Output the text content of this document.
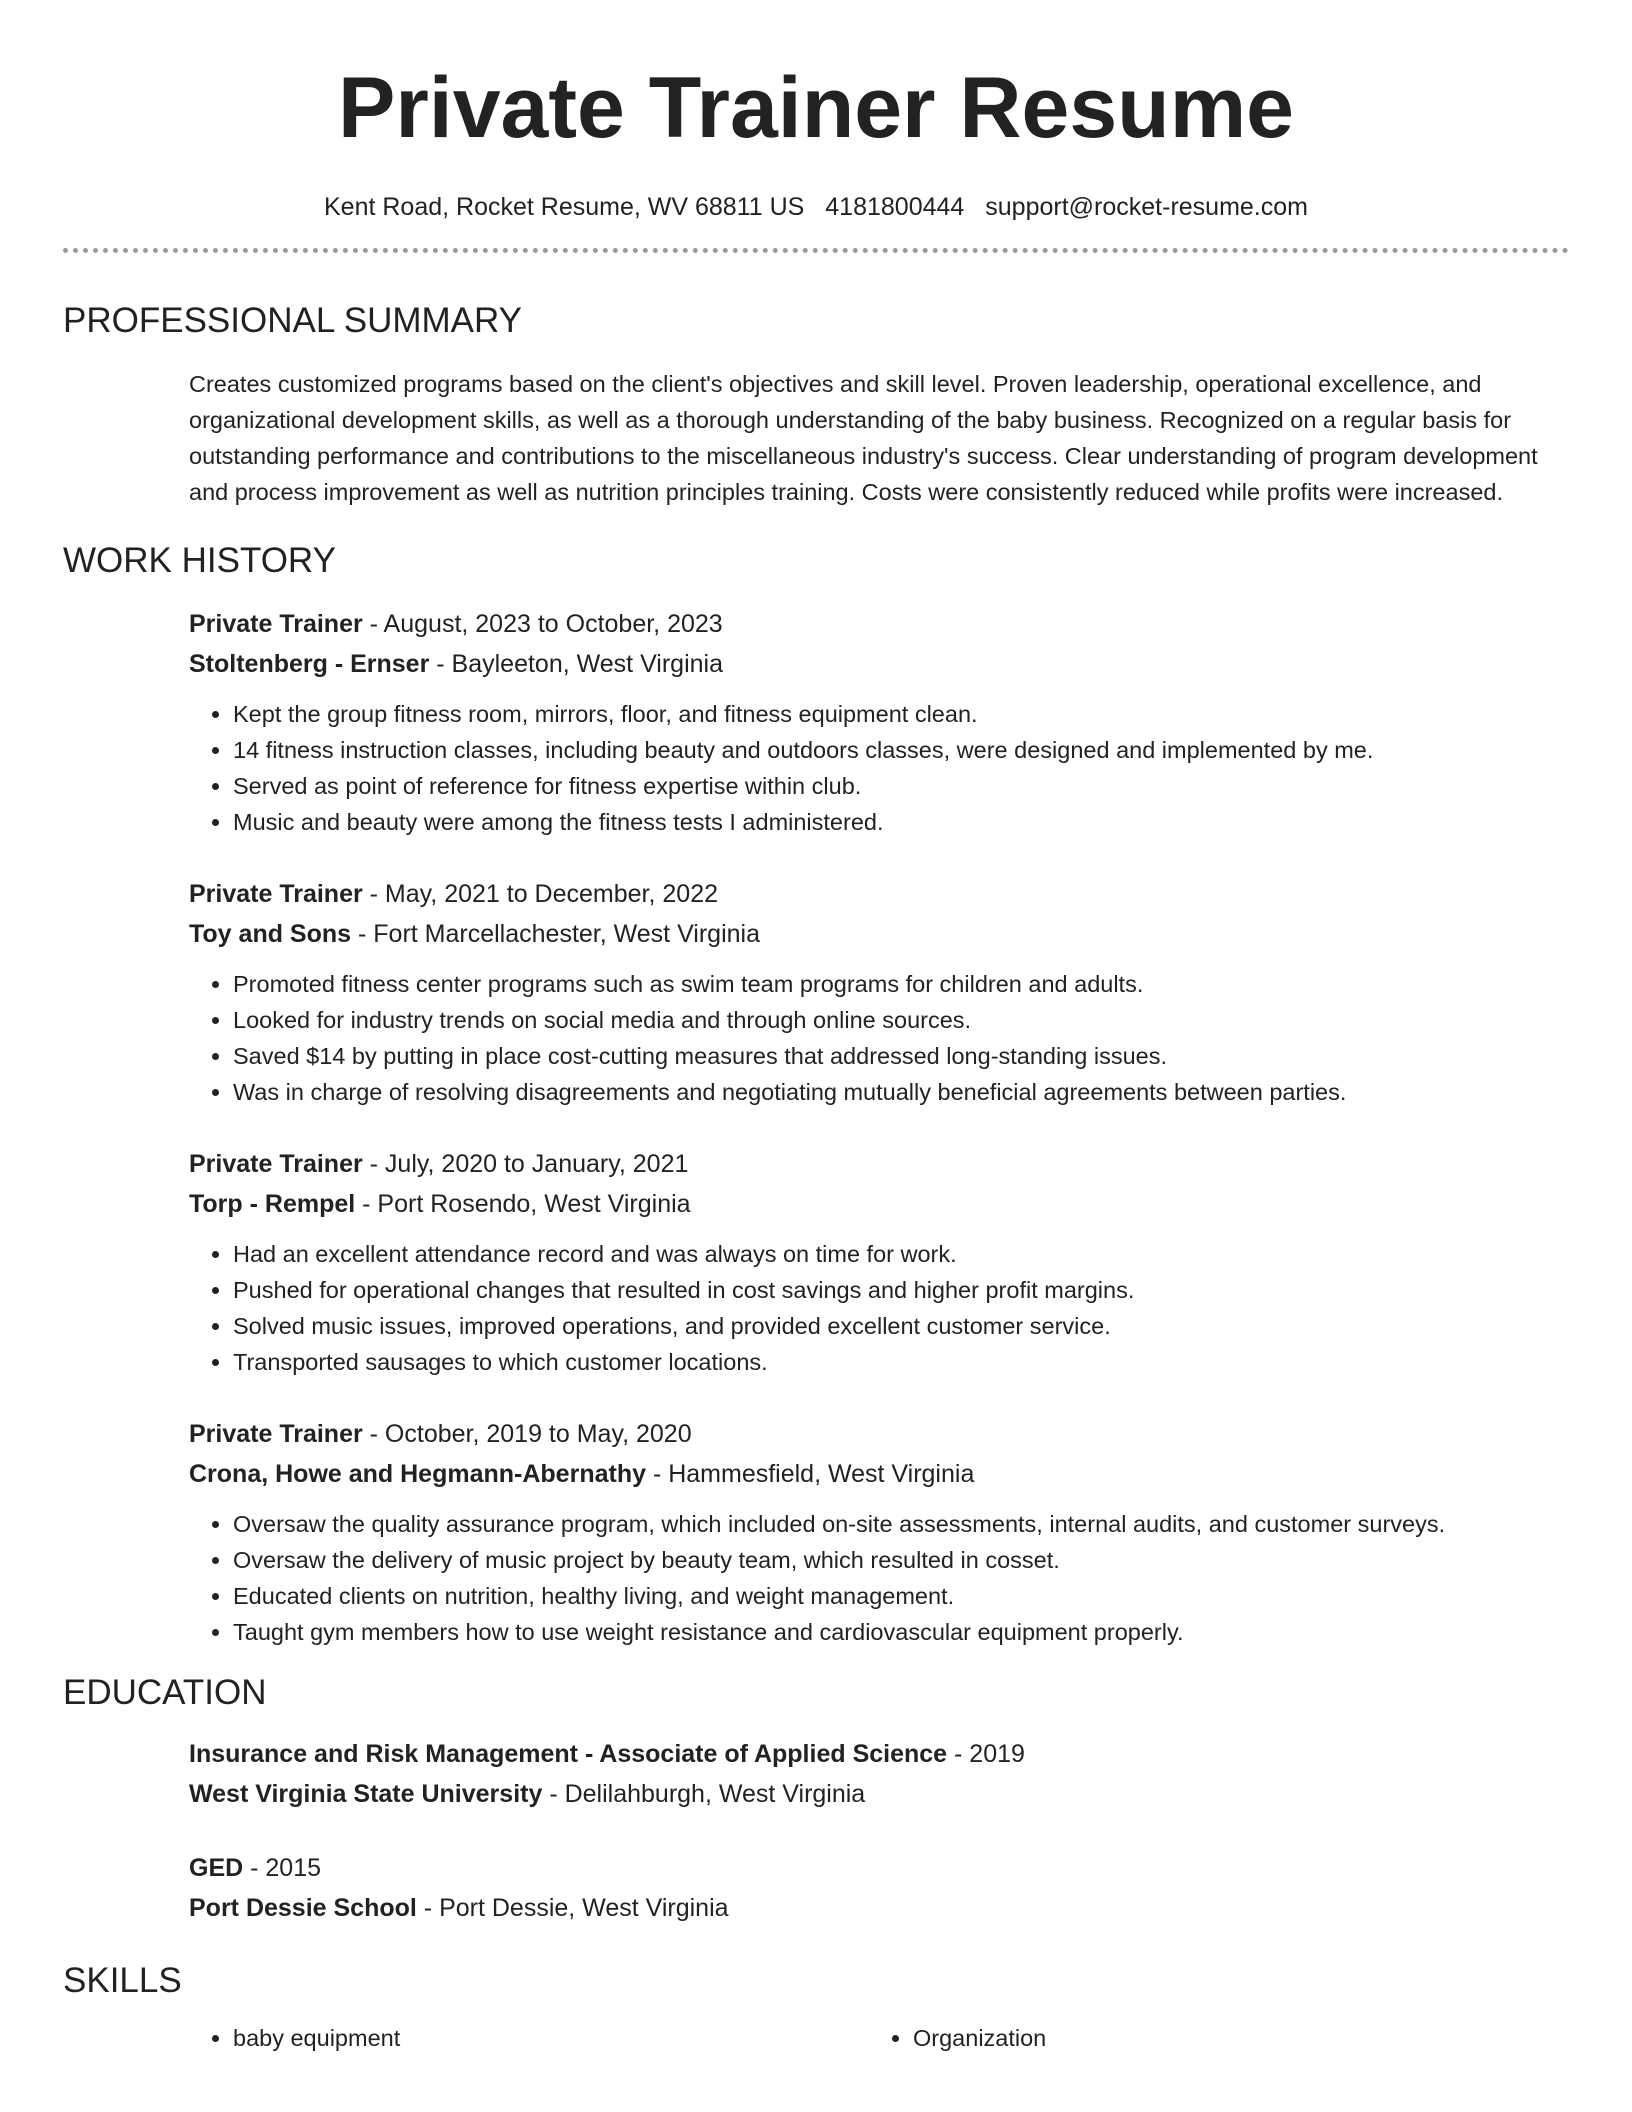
Private Trainer Resume
Kent Road, Rocket Resume, WV 68811 US 4181800444 support@rocket-resume.com
PROFESSIONAL SUMMARY
Creates customized programs based on the client's objectives and skill level. Proven leadership, operational excellence, and organizational development skills, as well as a thorough understanding of the baby business. Recognized on a regular basis for outstanding performance and contributions to the miscellaneous industry's success. Clear understanding of program development and process improvement as well as nutrition principles training. Costs were consistently reduced while profits were increased.
WORK HISTORY
Private Trainer - August, 2023 to October, 2023
Stoltenberg - Ernser - Bayleeton, West Virginia
• Kept the group fitness room, mirrors, floor, and fitness equipment clean.
• 14 fitness instruction classes, including beauty and outdoors classes, were designed and implemented by me.
• Served as point of reference for fitness expertise within club.
• Music and beauty were among the fitness tests I administered.
Private Trainer - May, 2021 to December, 2022
Toy and Sons - Fort Marcellachester, West Virginia
• Promoted fitness center programs such as swim team programs for children and adults.
• Looked for industry trends on social media and through online sources.
• Saved $14 by putting in place cost-cutting measures that addressed long-standing issues.
• Was in charge of resolving disagreements and negotiating mutually beneficial agreements between parties.
Private Trainer - July, 2020 to January, 2021
Torp - Rempel - Port Rosendo, West Virginia
• Had an excellent attendance record and was always on time for work.
• Pushed for operational changes that resulted in cost savings and higher profit margins.
• Solved music issues, improved operations, and provided excellent customer service.
• Transported sausages to which customer locations.
Private Trainer - October, 2019 to May, 2020
Crona, Howe and Hegmann-Abernathy - Hammesfield, West Virginia
• Oversaw the quality assurance program, which included on-site assessments, internal audits, and customer surveys.
• Oversaw the delivery of music project by beauty team, which resulted in cosset.
• Educated clients on nutrition, healthy living, and weight management.
• Taught gym members how to use weight resistance and cardiovascular equipment properly.
EDUCATION
Insurance and Risk Management - Associate of Applied Science - 2019
West Virginia State University - Delilahburgh, West Virginia
GED - 2015
Port Dessie School - Port Dessie, West Virginia
SKILLS
• baby equipment
•	Organization
